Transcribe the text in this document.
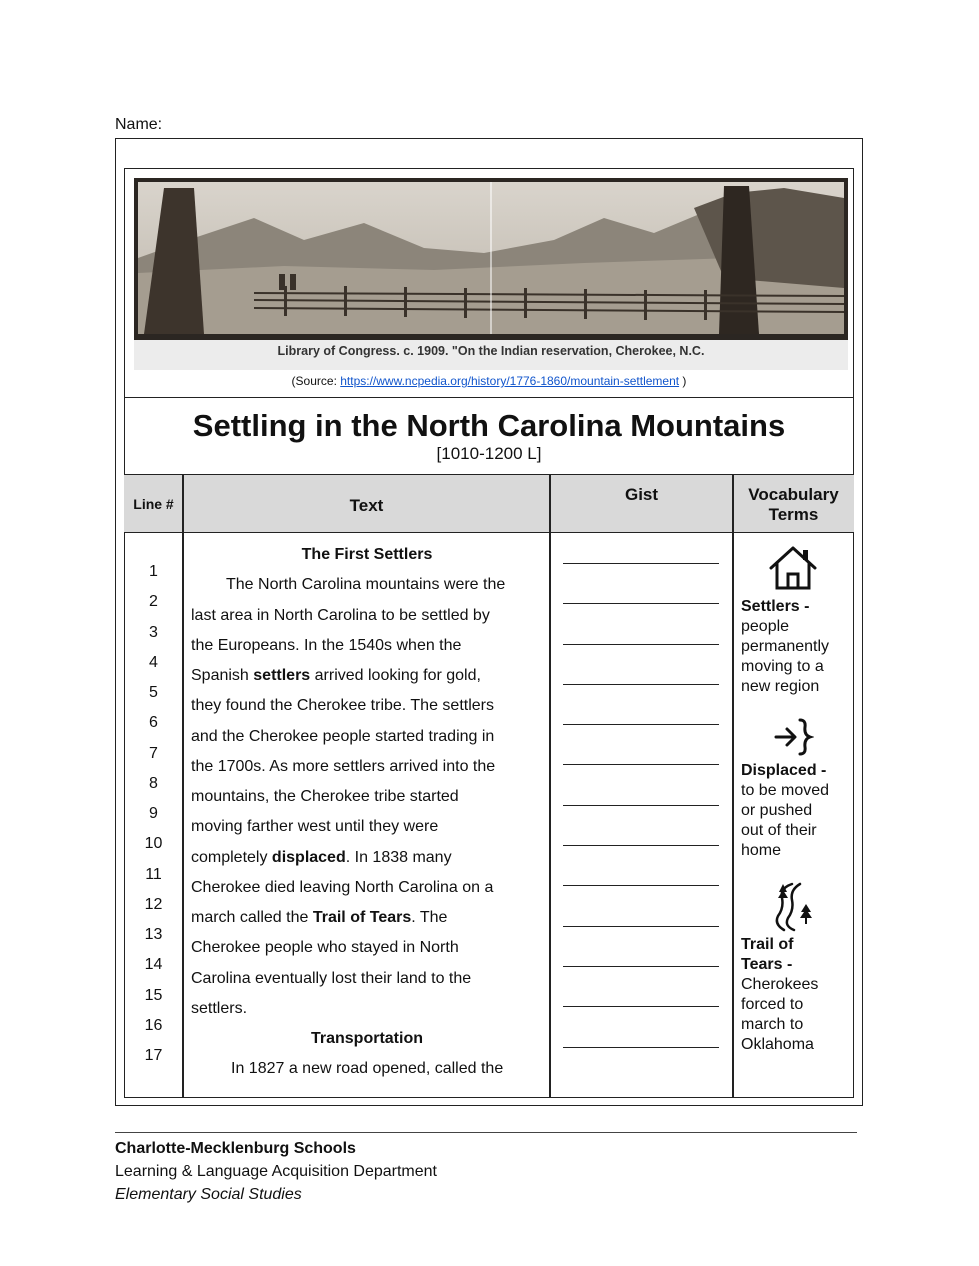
Name:
Library of Congress. c. 1909. "On the Indian reservation, Cherokee, N.C.
(Source: https://www.ncpedia.org/history/1776-1860/mountain-settlement )
Settling in the North Carolina Mountains
[1010-1200 L]
Line #	Text
Gist	Vocabulary
Terms
1
2
3
4
5
6
7
8
9
10
11
12
13
14
15
16
17
The First Settlers
The North Carolina mountains were the
last area in North Carolina to be settled by
the Europeans. In the 1540s when the
Spanish settlers arrived looking for gold,
they found the Cherokee tribe. The settlers
and the Cherokee people started trading in
the 1700s. As more settlers arrived into the
mountains, the Cherokee tribe started
moving farther west until they were
completely displaced. In 1838 many
Cherokee died leaving North Carolina on a
march called the Trail of Tears. The
Cherokee people who stayed in North
Carolina eventually lost their land to the
settlers.
Transportation
In 1827 a new road opened, called the
Settlers -
people
permanently
moving to a
new region
Displaced -
to be moved
or pushed
out of their
home
Trail of
Tears -
Cherokees
forced to
march to
Oklahoma
Charlotte-Mecklenburg Schools
Learning & Language Acquisition Department
Elementary Social Studies
